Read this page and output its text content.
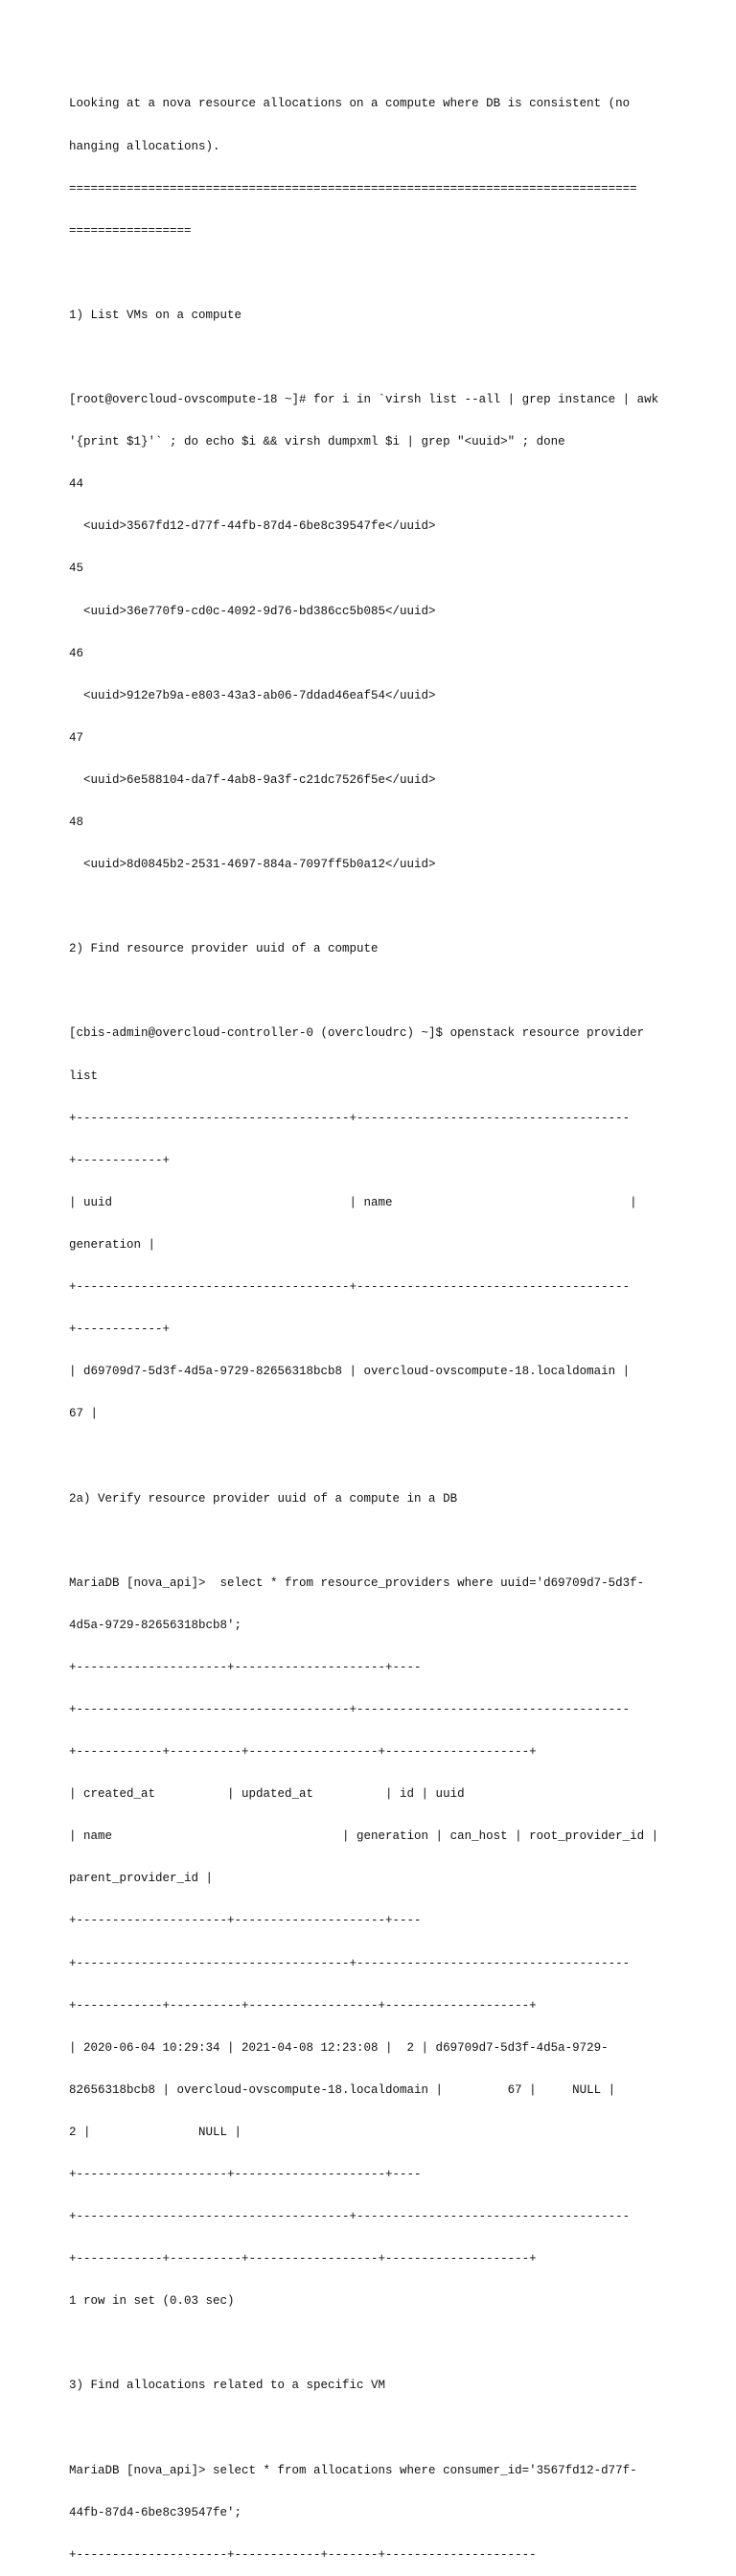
Looking at a nova resource allocations on a compute where DB is consistent (no

hanging allocations).

===============================================================================

=================

1) List VMs on a compute

[root@overcloud-ovscompute-18 ~]# for i in `virsh list --all | grep instance | awk

'{print $1}'` ; do echo $i && virsh dumpxml $i | grep "<uuid>" ; done

44

<uuid>3567fd12-d77f-44fb-87d4-6be8c39547fe</uuid>

45

<uuid>36e770f9-cd0c-4092-9d76-bd386cc5b085</uuid>

46

<uuid>912e7b9a-e803-43a3-ab06-7ddad46eaf54</uuid>

47

<uuid>6e588104-da7f-4ab8-9a3f-c21dc7526f5e</uuid>

48

<uuid>8d0845b2-2531-4697-884a-7097ff5b0a12</uuid>

2) Find resource provider uuid of a compute

[cbis-admin@overcloud-controller-0 (overcloudrc) ~]$ openstack resource provider

list

+--------------------------------------+--------------------------------------

+------------+

| uuid                                 | name                                 |

generation |

+--------------------------------------+--------------------------------------

+------------+

| d69709d7-5d3f-4d5a-9729-82656318bcb8 | overcloud-ovscompute-18.localdomain |

67 |

2a) Verify resource provider uuid of a compute in a DB

MariaDB [nova_api]>  select * from resource_providers where uuid='d69709d7-5d3f-

4d5a-9729-82656318bcb8';

+---------------------+---------------------+----

+--------------------------------------+--------------------------------------

+------------+----------+------------------+--------------------+

| created_at          | updated_at          | id | uuid

| name                                | generation | can_host | root_provider_id |

parent_provider_id |

+---------------------+---------------------+----

+--------------------------------------+--------------------------------------

+------------+----------+------------------+--------------------+

| 2020-06-04 10:29:34 | 2021-04-08 12:23:08 |  2 | d69709d7-5d3f-4d5a-9729-

82656318bcb8 | overcloud-ovscompute-18.localdomain |         67 |     NULL |

2 |               NULL |

+---------------------+---------------------+----

+--------------------------------------+--------------------------------------

+------------+----------+------------------+--------------------+

1 row in set (0.03 sec)

3) Find allocations related to a specific VM

MariaDB [nova_api]> select * from allocations where consumer_id='3567fd12-d77f-

44fb-87d4-6be8c39547fe';

+---------------------+------------+-------+---------------------
